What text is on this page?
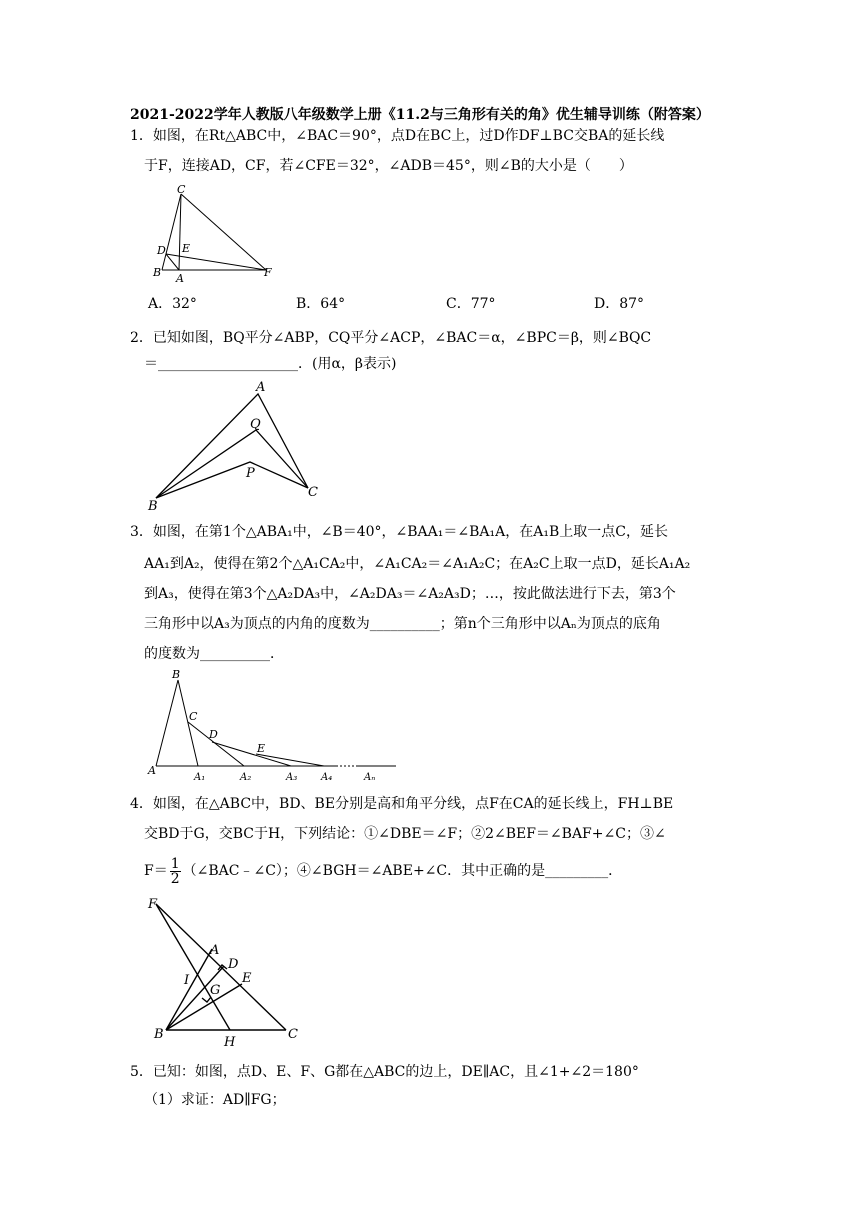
2021-2022学年人教版八年级数学上册《11.2与三角形有关的角》优生辅导训练（附答案）
1．如图，在Rt△ABC中，∠BAC＝90°，点D在BC上，过D作DF⊥BC交BA的延长线
于F，连接AD，CF，若∠CFE＝32°，∠ADB＝45°，则∠B的大小是（　　）
C
D E
B A	F
A．32°	B．64°	C．77°	D．87°
2．已知如图，BQ平分∠ABP，CQ平分∠ACP，∠BAC＝α，∠BPC＝β，则∠BQC
＝____________________．(用α，β表示)
A
Q
P
B
C
3．如图，在第1个△ABA₁中，∠B＝40°，∠BAA₁＝∠BA₁A，在A₁B上取一点C，延长
AA₁到A₂，使得在第2个△A₁CA₂中，∠A₁CA₂＝∠A₁A₂C；在A₂C上取一点D，延长A₁A₂
到A₃，使得在第3个△A₂DA₃中，∠A₂DA₃＝∠A₂A₃D；…，按此做法进行下去，第3个
三角形中以A₃为顶点的内角的度数为__________；第n个三角形中以Aₙ为顶点的底角
的度数为__________．
B
C
D
E
A
A₁	A₂	A₃ A₄	Aₙ
4．如图，在△ABC中，BD、BE分别是高和角平分线，点F在CA的延长线上，FH⊥BE
交BD于G，交BC于H，下列结论：①∠DBE＝∠F；②2∠BEF＝∠BAF+∠C；③∠
$F= \frac{1}{2}$ （∠BAC﹣∠C）；④∠BGH＝∠ABE+∠C．其中正确的是_________．
F
A
D
I	E
G
B
H
C
5．已知：如图，点D、E、F、G都在△ABC的边上，DE∥AC，且∠1+∠2＝180°
（1）求证：AD∥FG；
